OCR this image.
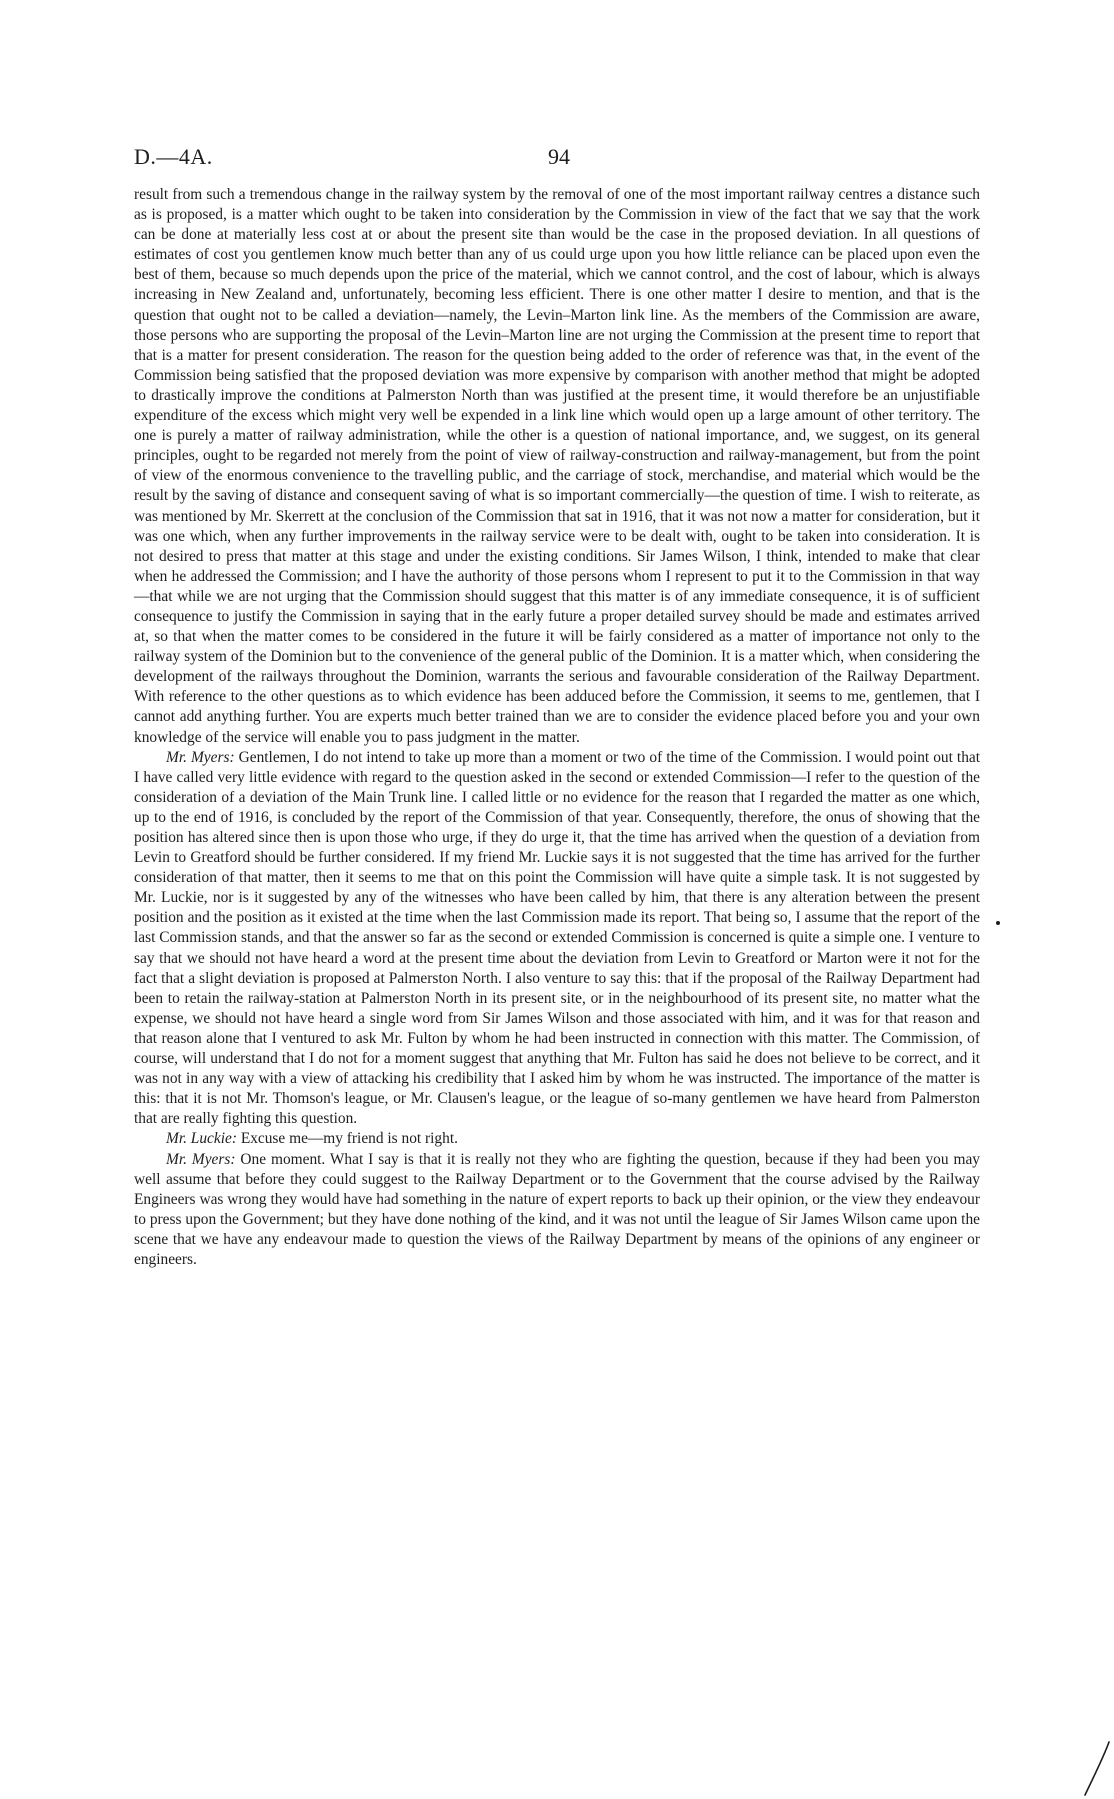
D.—4A.	94

result from such a tremendous change in the railway system by the removal of one of the most important railway centres a distance such as is proposed, is a matter which ought to be taken into consideration by the Commission in view of the fact that we say that the work can be done at materially less cost at or about the present site than would be the case in the proposed deviation. In all questions of estimates of cost you gentlemen know much better than any of us could urge upon you how little reliance can be placed upon even the best of them, because so much depends upon the price of the material, which we cannot control, and the cost of labour, which is always increasing in New Zealand and, unfortunately, becoming less efficient. There is one other matter I desire to mention, and that is the question that ought not to be called a deviation—namely, the Levin–Marton link line. As the members of the Commission are aware, those persons who are supporting the proposal of the Levin–Marton line are not urging the Commission at the present time to report that that is a matter for present consideration. The reason for the question being added to the order of reference was that, in the event of the Commission being satisfied that the proposed deviation was more expensive by comparison with another method that might be adopted to drastically improve the conditions at Palmerston North than was justified at the present time, it would therefore be an unjustifiable expenditure of the excess which might very well be expended in a link line which would open up a large amount of other territory. The one is purely a matter of railway administration, while the other is a question of national importance, and, we suggest, on its general principles, ought to be regarded not merely from the point of view of railway-construction and railway-management, but from the point of view of the enormous convenience to the travelling public, and the carriage of stock, merchandise, and material which would be the result by the saving of distance and consequent saving of what is so important commercially—the question of time. I wish to reiterate, as was mentioned by Mr. Skerrett at the conclusion of the Commission that sat in 1916, that it was not now a matter for consideration, but it was one which, when any further improvements in the railway service were to be dealt with, ought to be taken into consideration. It is not desired to press that matter at this stage and under the existing conditions. Sir James Wilson, I think, intended to make that clear when he addressed the Commission; and I have the authority of those persons whom I represent to put it to the Commission in that way—that while we are not urging that the Commission should suggest that this matter is of any immediate consequence, it is of sufficient consequence to justify the Commission in saying that in the early future a proper detailed survey should be made and estimates arrived at, so that when the matter comes to be considered in the future it will be fairly considered as a matter of importance not only to the railway system of the Dominion but to the convenience of the general public of the Dominion. It is a matter which, when considering the development of the railways throughout the Dominion, warrants the serious and favourable consideration of the Railway Department. With reference to the other questions as to which evidence has been adduced before the Commission, it seems to me, gentlemen, that I cannot add anything further. You are experts much better trained than we are to consider the evidence placed before you and your own knowledge of the service will enable you to pass judgment in the matter.

Mr. Myers: Gentlemen, I do not intend to take up more than a moment or two of the time of the Commission. I would point out that I have called very little evidence with regard to the question asked in the second or extended Commission—I refer to the question of the consideration of a deviation of the Main Trunk line. I called little or no evidence for the reason that I regarded the matter as one which, up to the end of 1916, is concluded by the report of the Commission of that year. Consequently, therefore, the onus of showing that the position has altered since then is upon those who urge, if they do urge it, that the time has arrived when the question of a deviation from Levin to Greatford should be further considered. If my friend Mr. Luckie says it is not suggested that the time has arrived for the further consideration of that matter, then it seems to me that on this point the Commission will have quite a simple task. It is not suggested by Mr. Luckie, nor is it suggested by any of the witnesses who have been called by him, that there is any alteration between the present position and the position as it existed at the time when the last Commission made its report. That being so, I assume that the report of the last Commission stands, and that the answer so far as the second or extended Commission is concerned is quite a simple one. I venture to say that we should not have heard a word at the present time about the deviation from Levin to Greatford or Marton were it not for the fact that a slight deviation is proposed at Palmerston North. I also venture to say this: that if the proposal of the Railway Department had been to retain the railway-station at Palmerston North in its present site, or in the neighbourhood of its present site, no matter what the expense, we should not have heard a single word from Sir James Wilson and those associated with him, and it was for that reason and that reason alone that I ventured to ask Mr. Fulton by whom he had been instructed in connection with this matter. The Commission, of course, will understand that I do not for a moment suggest that anything that Mr. Fulton has said he does not believe to be correct, and it was not in any way with a view of attacking his credibility that I asked him by whom he was instructed. The importance of the matter is this: that it is not Mr. Thomson's league, or Mr. Clausen's league, or the league of so-many gentlemen we have heard from Palmerston that are really fighting this question.

Mr. Luckie: Excuse me—my friend is not right.

Mr. Myers: One moment. What I say is that it is really not they who are fighting the question, because if they had been you may well assume that before they could suggest to the Railway Department or to the Government that the course advised by the Railway Engineers was wrong they would have had something in the nature of expert reports to back up their opinion, or the view they endeavour to press upon the Government; but they have done nothing of the kind, and it was not until the league of Sir James Wilson came upon the scene that we have any endeavour made to question the views of the Railway Department by means of the opinions of any engineer or engineers.
